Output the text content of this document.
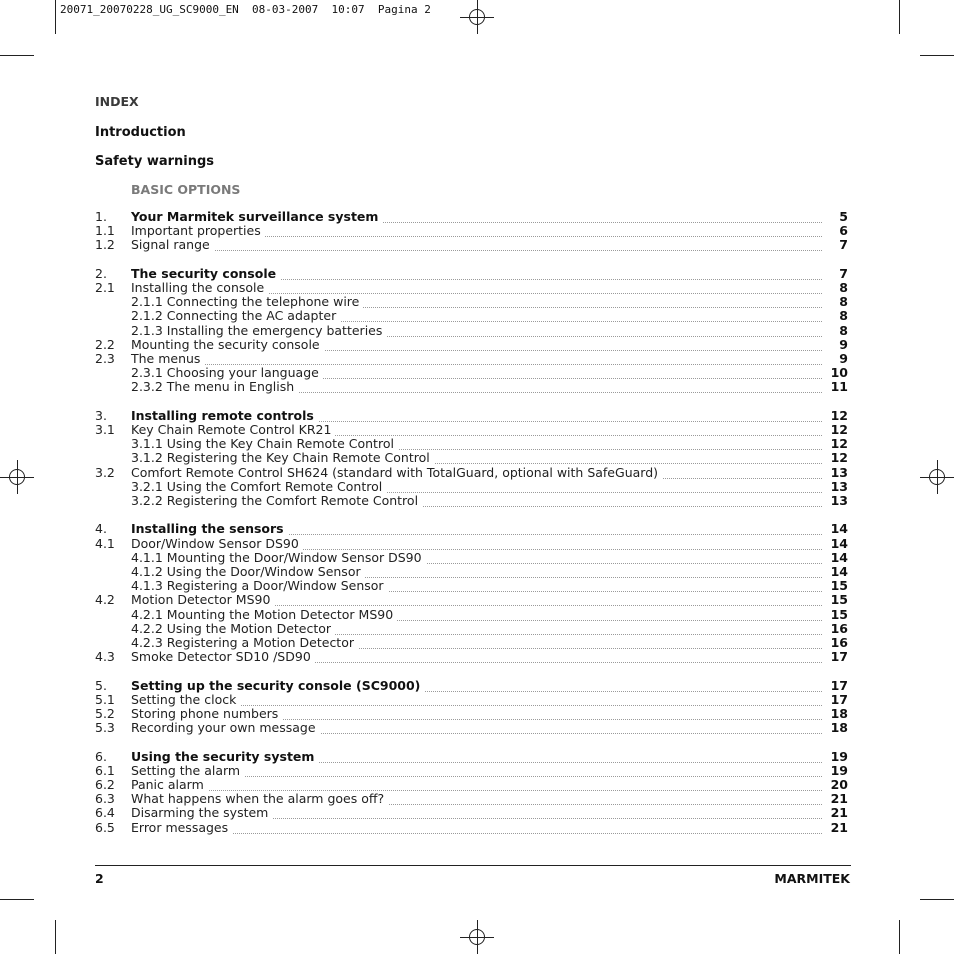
20071_20070228_UG_SC9000_EN  08-03-2007  10:07  Pagina 2
INDEX
Introduction
Safety warnings
BASIC OPTIONS
1. Your Marmitek surveillance system	5
1.1 Important properties	6
1.2 Signal range	7
2. The security console	7
2.1 Installing the console	8
2.1.1 Connecting the telephone wire	8
2.1.2 Connecting the AC adapter	8
2.1.3 Installing the emergency batteries	8
2.2 Mounting the security console	9
2.3 The menus	9
2.3.1 Choosing your language	10
2.3.2 The menu in English	11
3. Installing remote controls	12
3.1 Key Chain Remote Control KR21	12
3.1.1 Using the Key Chain Remote Control	12
3.1.2 Registering the Key Chain Remote Control	12
3.2 Comfort Remote Control SH624 (standard with TotalGuard, optional with SafeGuard)	13
3.2.1 Using the Comfort Remote Control	13
3.2.2 Registering the Comfort Remote Control	13
4. Installing the sensors	14
4.1 Door/Window Sensor DS90	14
4.1.1 Mounting the Door/Window Sensor DS90	14
4.1.2 Using the Door/Window Sensor	14
4.1.3 Registering a Door/Window Sensor	15
4.2 Motion Detector MS90	15
4.2.1 Mounting the Motion Detector MS90	15
4.2.2 Using the Motion Detector	16
4.2.3 Registering a Motion Detector	16
4.3 Smoke Detector SD10 /SD90	17
5. Setting up the security console (SC9000)	17
5.1 Setting the clock	17
5.2 Storing phone numbers	18
5.3 Recording your own message	18
6. Using the security system	19
6.1 Setting the alarm	19
6.2 Panic alarm	20
6.3 What happens when the alarm goes off?	21
6.4 Disarming the system	21
6.5 Error messages	21
2	MARMITEK
